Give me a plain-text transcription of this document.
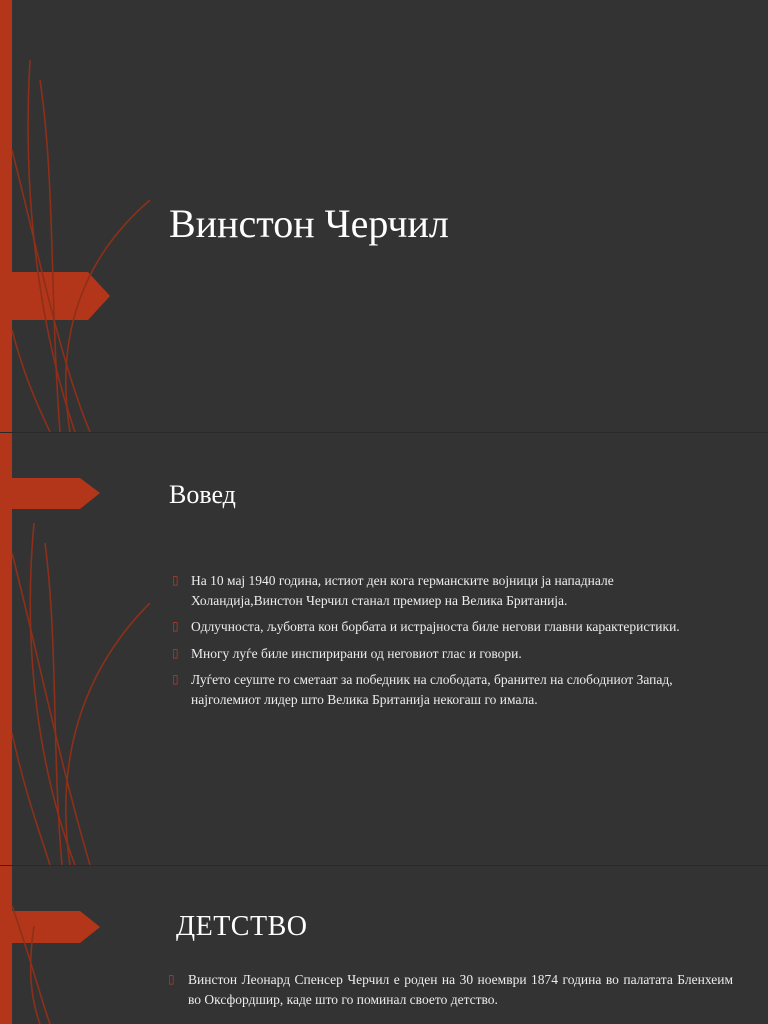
Винстон Черчил
Вовед
▯ На 10 мај 1940 година, истиот ден кога германските војници ја нападнале Холандија,Винстон Черчил станал премиер на Велика Британија.
▯ Одлучноста, љубовта кон борбата и истрајноста биле негови главни карактеристики.
▯ Многу луѓе биле инспирирани од неговиот глас и говори.
▯ Луѓето сеуште го сметаат за победник на слободата, бранител на слободниот Запад, најголемиот лидер што Велика Британија некогаш го имала.
ДЕТСТВО
▯ Винстон Леонард Спенсер Черчил е роден на 30 ноември 1874 година во палатата Бленхеим во Оксфордшир, каде што го поминал своето детство.
